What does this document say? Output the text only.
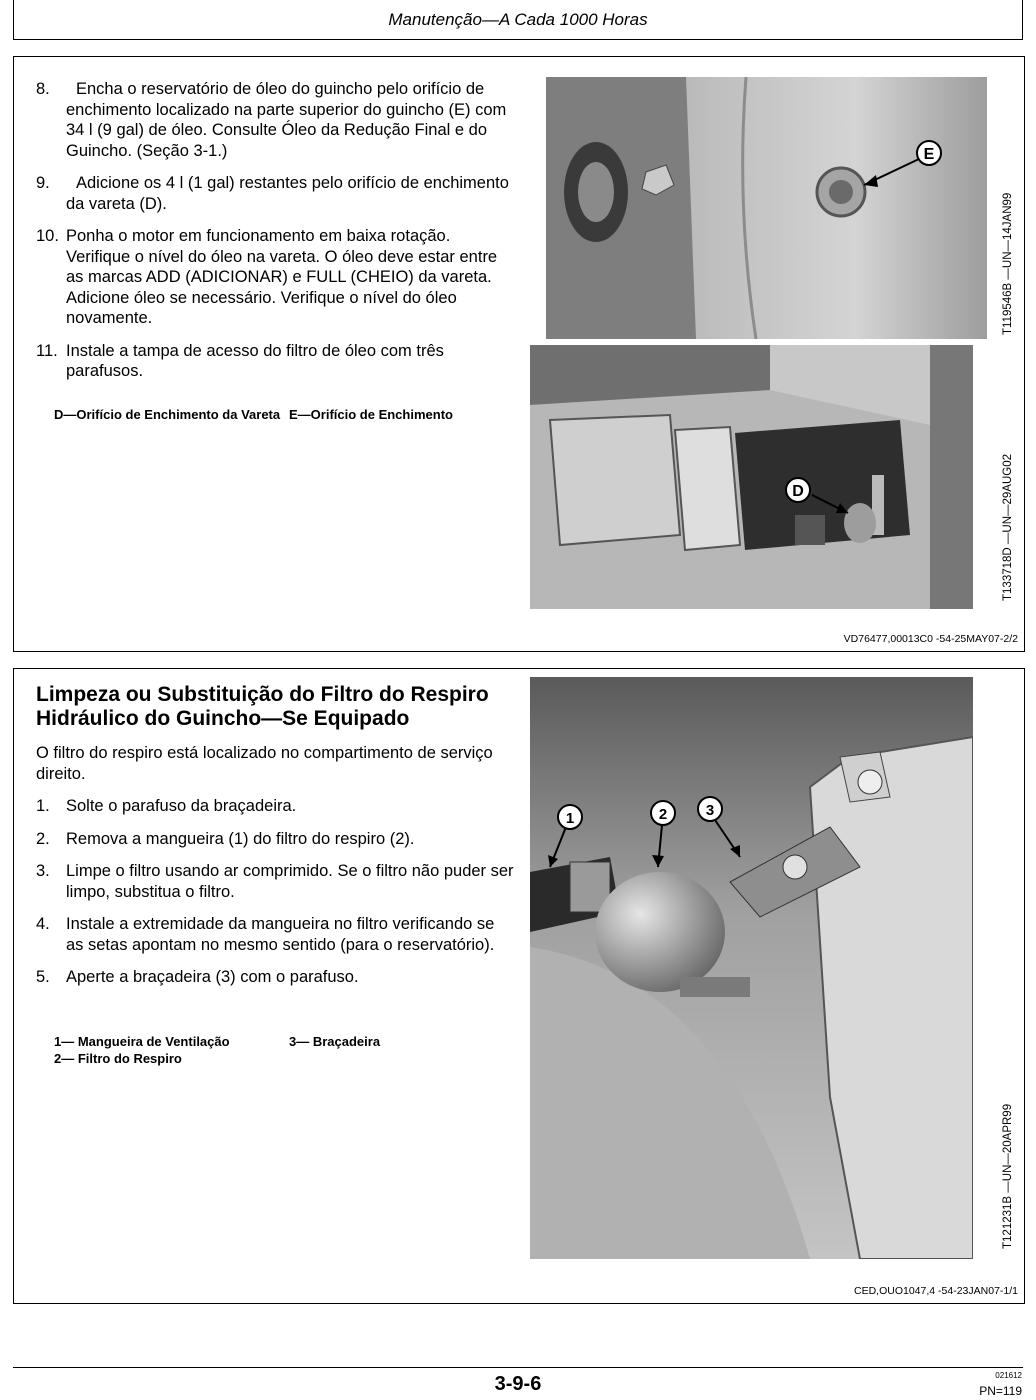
Manutenção—A Cada 1000 Horas
8. Encha o reservatório de óleo do guincho pelo orifício de enchimento localizado na parte superior do guincho (E) com 34 l (9 gal) de óleo. Consulte Óleo da Redução Final e do Guincho. (Seção 3-1.)
9. Adicione os 4 l (1 gal) restantes pelo orifício de enchimento da vareta (D).
10. Ponha o motor em funcionamento em baixa rotação. Verifique o nível do óleo na vareta. O óleo deve estar entre as marcas ADD (ADICIONAR) e FULL (CHEIO) da vareta. Adicione óleo se necessário. Verifique o nível do óleo novamente.
11. Instale a tampa de acesso do filtro de óleo com três parafusos.
D—Orifício de Enchimento da Vareta E—Orifício de Enchimento
E
T119546B —UN—14JAN99
D	T133718D —UN—29AUG02
VD76477,00013C0 -54-25MAY07-2/2
Limpeza ou Substituição do Filtro do Respiro Hidráulico do Guincho—Se Equipado

O filtro do respiro está localizado no compartimento de serviço direito.

1. Solte o parafuso da braçadeira.
2. Remova a mangueira (1) do filtro do respiro (2).
3. Limpe o filtro usando ar comprimido. Se o filtro não puder ser limpo, substitua o filtro.
4. Instale a extremidade da mangueira no filtro verificando se as setas apontam no mesmo sentido (para o reservatório).
5. Aperte a braçadeira (3) com o parafuso.
1— Mangueira de Ventilação
2— Filtro do Respiro
3— Braçadeira
1	2	3
T121231B —UN—20APR99
CED,OUO1047,4 -54-23JAN07-1/1
3-9-6	021612
PN=119
